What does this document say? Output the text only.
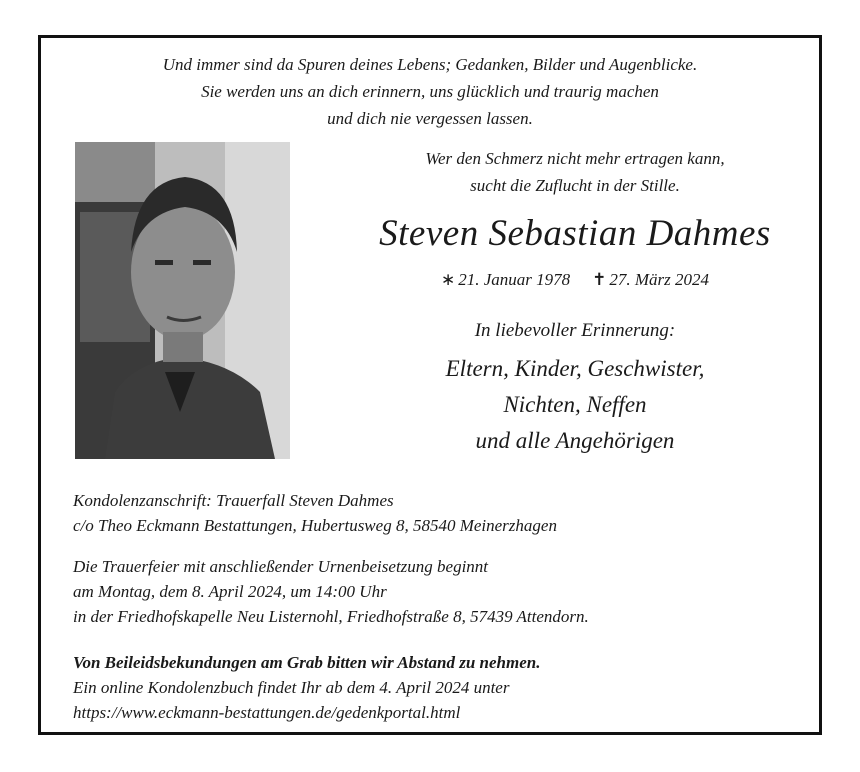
Und immer sind da Spuren deines Lebens; Gedanken, Bilder und Augenblicke.
Sie werden uns an dich erinnern, uns glücklich und traurig machen
und dich nie vergessen lassen.
Wer den Schmerz nicht mehr ertragen kann,
sucht die Zuflucht in der Stille.
Steven Sebastian Dahmes
∗ 21. Januar 1978 ✝ 27. März 2024
In liebevoller Erinnerung:
Eltern, Kinder, Geschwister,
Nichten, Neffen
und alle Angehörigen
Kondolenzanschrift: Trauerfall Steven Dahmes
c/o Theo Eckmann Bestattungen, Hubertusweg 8, 58540 Meinerzhagen
Die Trauerfeier mit anschließender Urnenbeisetzung beginnt
am Montag, dem 8. April 2024, um 14:00 Uhr
in der Friedhofskapelle Neu Listernohl, Friedhofstraße 8, 57439 Attendorn.
Von Beileidsbekundungen am Grab bitten wir Abstand zu nehmen.
Ein online Kondolenzbuch findet Ihr ab dem 4. April 2024 unter
https://www.eckmann-bestattungen.de/gedenkportal.html
